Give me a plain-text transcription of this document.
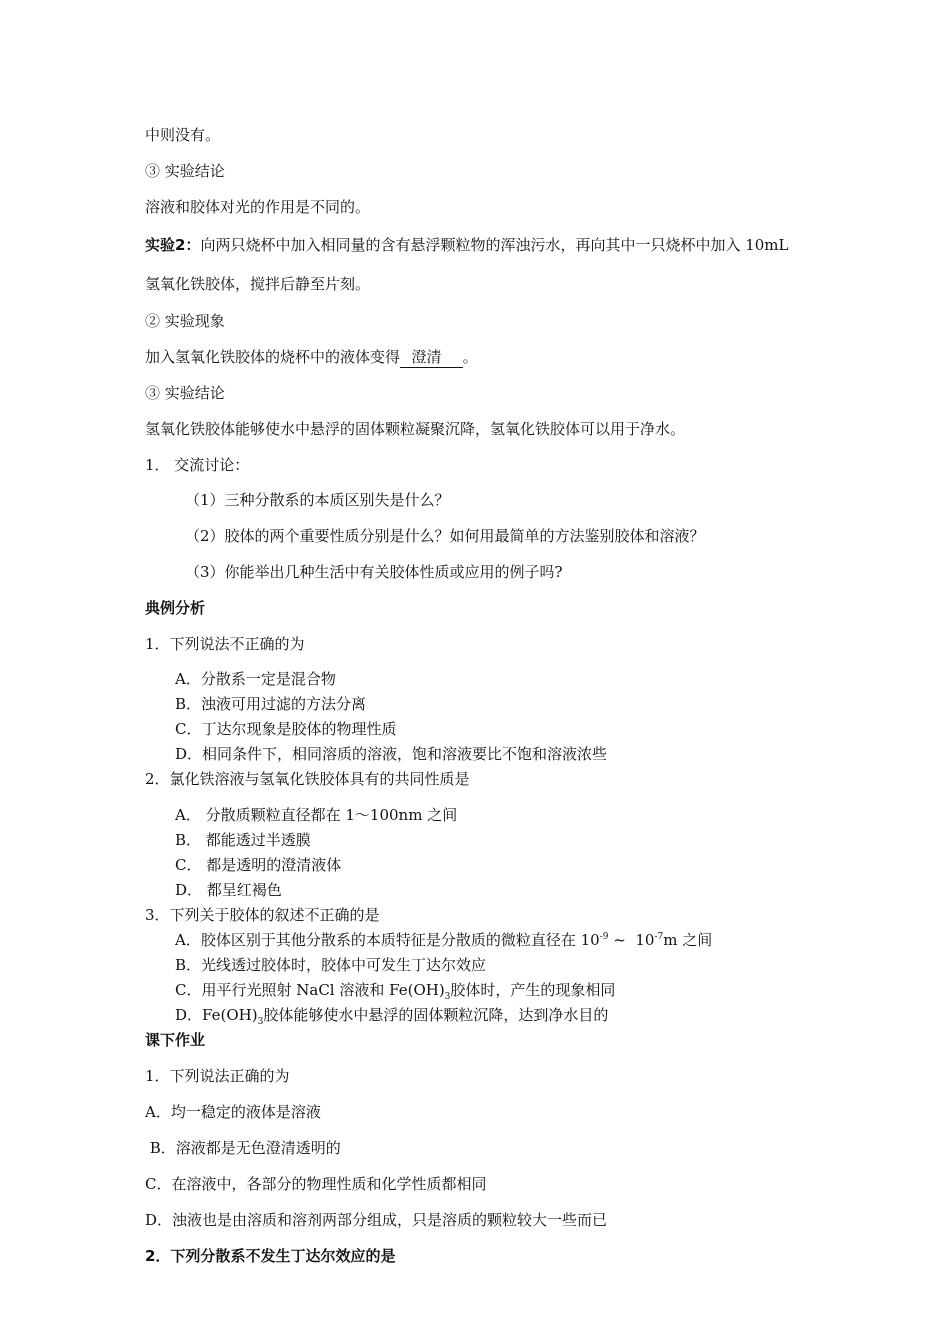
中则没有。
③ 实验结论
溶液和胶体对光的作用是不同的。
实验2：向两只烧杯中加入相同量的含有悬浮颗粒物的浑浊污水，再向其中一只烧杯中加入 10mL
氢氧化铁胶体，搅拌后静至片刻。
② 实验现象
加入氢氧化铁胶体的烧杯中的液体变得  澄清    。
③ 实验结论
氢氧化铁胶体能够使水中悬浮的固体颗粒凝聚沉降，氢氧化铁胶体可以用于净水。
1． 交流讨论：
（1）三种分散系的本质区别失是什么？
（2）胶体的两个重要性质分别是什么？如何用最简单的方法鉴别胶体和溶液？
（3）你能举出几种生活中有关胶体性质或应用的例子吗?
典例分析
1．下列说法不正确的为
A．分散系一定是混合物
B．浊液可用过滤的方法分离
C．丁达尔现象是胶体的物理性质
D．相同条件下，相同溶质的溶液，饱和溶液要比不饱和溶液浓些
2．氯化铁溶液与氢氧化铁胶体具有的共同性质是
A． 分散质颗粒直径都在 1～100nm 之间
B． 都能透过半透膜
C． 都是透明的澄清液体
D． 都呈红褐色
3．下列关于胶体的叙述不正确的是
A．胶体区别于其他分散系的本质特征是分散质的微粒直径在 $10^{-9}$ ~  $10^{-7}m$ 之间
B．光线透过胶体时，胶体中可发生丁达尔效应
C．用平行光照射 NaCl 溶液和 $Fe(OH)_3$胶体时，产生的现象相同
D．$Fe(OH)_3$胶体能够使水中悬浮的固体颗粒沉降，达到净水目的
课下作业
1．下列说法正确的为
A．均一稳定的液体是溶液
B．溶液都是无色澄清透明的
C．在溶液中，各部分的物理性质和化学性质都相同
D．浊液也是由溶质和溶剂两部分组成，只是溶质的颗粒较大一些而已
2．下列分散系不发生丁达尔效应的是
